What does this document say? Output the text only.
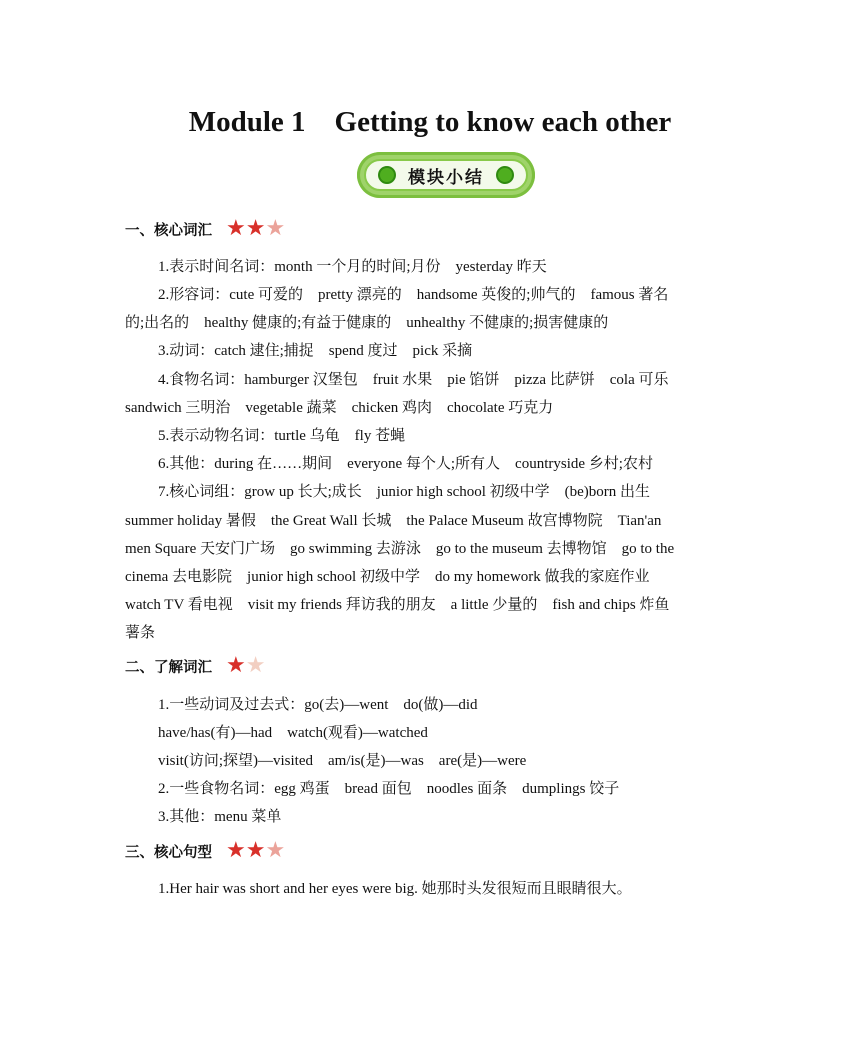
Module 1    Getting to know each other
模块小结
一、核心词汇 ★ ★ ★
1.表示时间名词：month 一个月的时间;月份    yesterday 昨天
2.形容词：cute 可爱的    pretty 漂亮的    handsome 英俊的;帅气的    famous 著名
的;出名的    healthy 健康的;有益于健康的    unhealthy 不健康的;损害健康的
3.动词：catch 逮住;捕捉    spend 度过    pick 采摘
4.食物名词：hamburger 汉堡包    fruit 水果    pie 馅饼    pizza 比萨饼    cola 可乐
sandwich 三明治    vegetable 蔬菜    chicken 鸡肉    chocolate 巧克力
5.表示动物名词：turtle 乌龟    fly 苍蝇
6.其他：during 在……期间    everyone 每个人;所有人    countryside 乡村;农村
7.核心词组：grow up 长大;成长    junior high school 初级中学    (be)born 出生
summer holiday 暑假    the Great Wall 长城    the Palace Museum 故宫博物院    Tian'an
men Square 天安门广场    go swimming 去游泳    go to the museum 去博物馆    go to the
cinema 去电影院    junior high school 初级中学    do my homework 做我的家庭作业
watch TV 看电视    visit my friends 拜访我的朋友    a little 少量的    fish and chips 炸鱼
薯条
二、了解词汇 ★ ★
1.一些动词及过去式：go(去)—went    do(做)—did
have/has(有)—had    watch(观看)—watched
visit(访问;探望)—visited    am/is(是)—was    are(是)—were
2.一些食物名词：egg 鸡蛋    bread 面包    noodles 面条    dumplings 饺子
3.其他：menu 菜单
三、核心句型 ★ ★ ★
1.Her hair was short and her eyes were big. 她那时头发很短而且眼睛很大。
